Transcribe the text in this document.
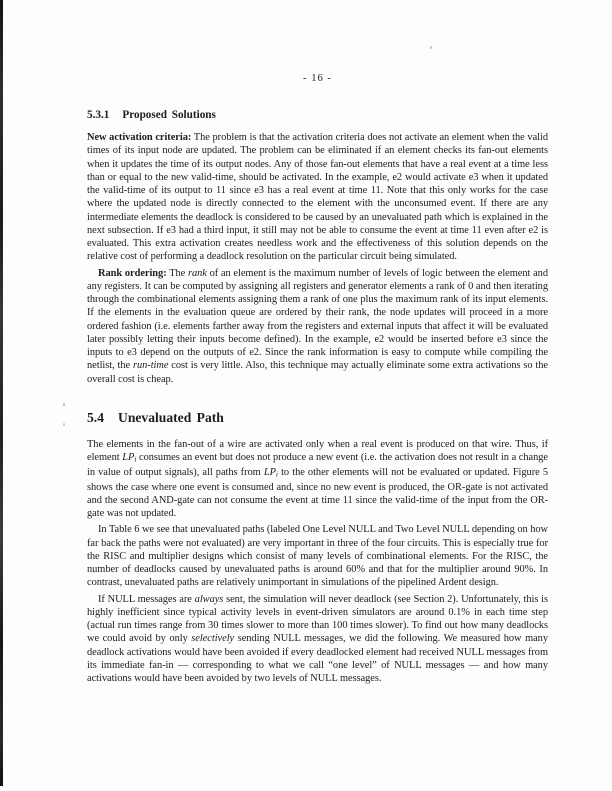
- 16 -
5.3.1 Proposed Solutions

New activation criteria: The problem is that the activation criteria does not activate an element when the valid times of its input node are updated. The problem can be eliminated if an element checks its fan-out elements when it updates the time of its output nodes. Any of those fan-out elements that have a real event at a time less than or equal to the new valid-time, should be activated. In the example, e2 would activate e3 when it updated the valid-time of its output to 11 since e3 has a real event at time 11. Note that this only works for the case where the updated node is directly connected to the element with the unconsumed event. If there are any intermediate elements the deadlock is considered to be caused by an unevaluated path which is explained in the next subsection. If e3 had a third input, it still may not be able to consume the event at time 11 even after e2 is evaluated. This extra activation creates needless work and the effectiveness of this solution depends on the relative cost of performing a deadlock resolution on the particular circuit being simulated.

Rank ordering: The rank of an element is the maximum number of levels of logic between the element and any registers. It can be computed by assigning all registers and generator elements a rank of 0 and then iterating through the combinational elements assigning them a rank of one plus the maximum rank of its input elements. If the elements in the evaluation queue are ordered by their rank, the node updates will proceed in a more ordered fashion (i.e. elements farther away from the registers and external inputs that affect it will be evaluated later possibly letting their inputs become defined). In the example, e2 would be inserted before e3 since the inputs to e3 depend on the outputs of e2. Since the rank information is easy to compute while compiling the netlist, the run-time cost is very little. Also, this technique may actually eliminate some extra activations so the overall cost is cheap.

5.4 Unevaluated Path

The elements in the fan-out of a wire are activated only when a real event is produced on that wire. Thus, if element LPi consumes an event but does not produce a new event (i.e. the activation does not result in a change in value of output signals), all paths from LPi to the other elements will not be evaluated or updated. Figure 5 shows the case where one event is consumed and, since no new event is produced, the OR-gate is not activated and the second AND-gate can not consume the event at time 11 since the valid-time of the input from the OR-gate was not updated.

In Table 6 we see that unevaluated paths (labeled One Level NULL and Two Level NULL depending on how far back the paths were not evaluated) are very important in three of the four circuits. This is especially true for the RISC and multiplier designs which consist of many levels of combinational elements. For the RISC, the number of deadlocks caused by unevaluated paths is around 60% and that for the multiplier around 90%. In contrast, unevaluated paths are relatively unimportant in simulations of the pipelined Ardent design.

If NULL messages are always sent, the simulation will never deadlock (see Section 2). Unfortunately, this is highly inefficient since typical activity levels in event-driven simulators are around 0.1% in each time step (actual run times range from 30 times slower to more than 100 times slower). To find out how many deadlocks we could avoid by only selectively sending NULL messages, we did the following. We measured how many deadlock activations would have been avoided if every deadlocked element had received NULL messages from its immediate fan-in — corresponding to what we call “one level” of NULL messages — and how many activations would have been avoided by two levels of NULL messages.
